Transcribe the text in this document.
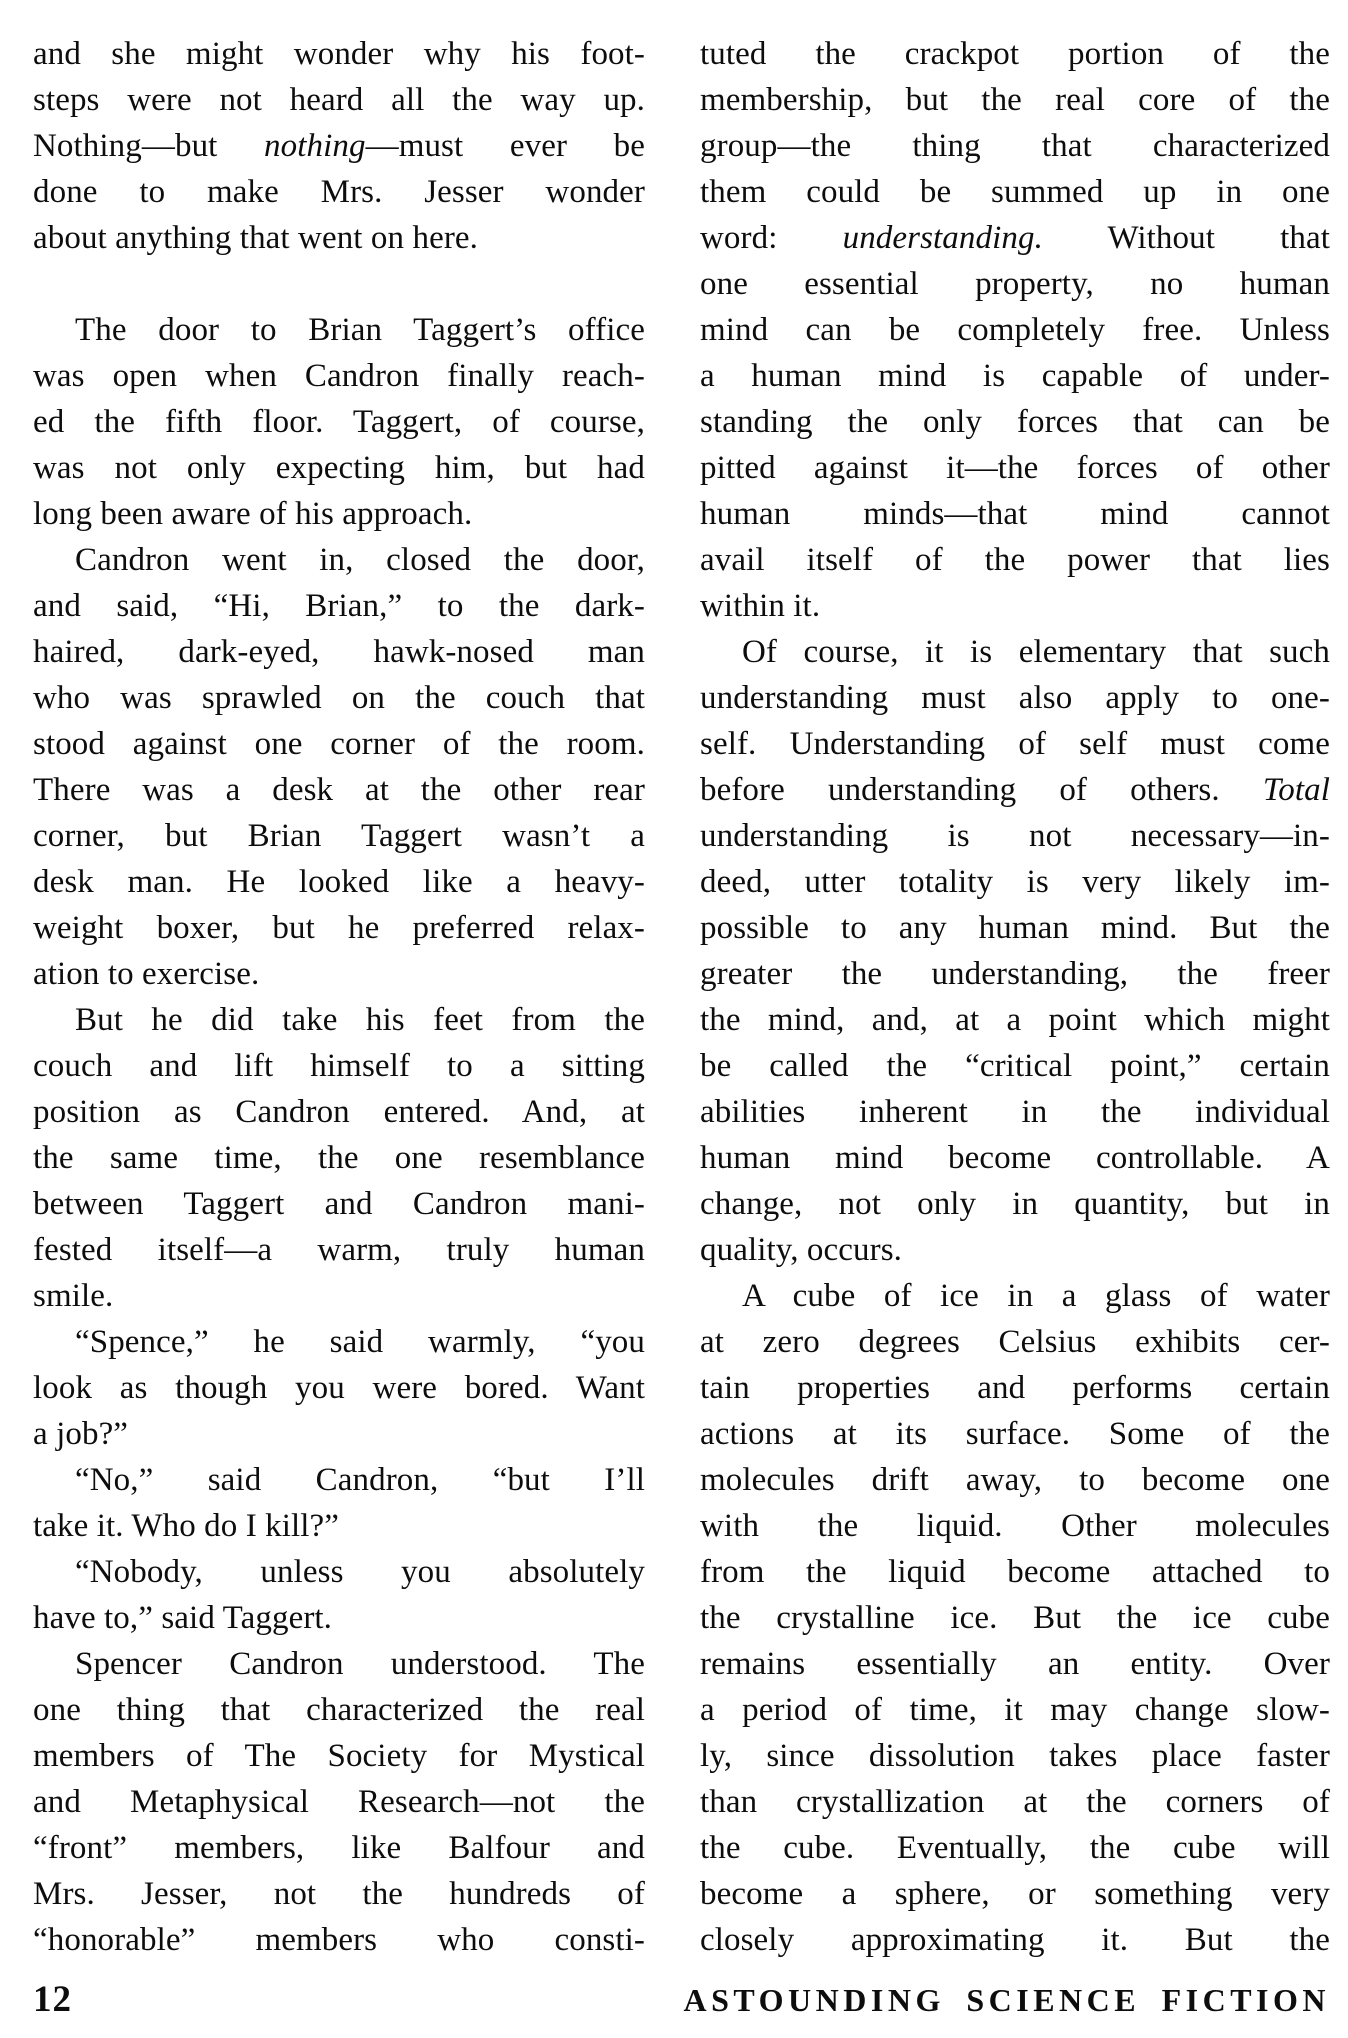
and she might wonder why his foot-
steps were not heard all the way up.
Nothing—but nothing—must ever be
done to make Mrs. Jesser wonder
about anything that went on here.
The door to Brian Taggert’s office
was open when Candron finally reach-
ed the fifth floor. Taggert, of course,
was not only expecting him, but had
long been aware of his approach.
Candron went in, closed the door,
and said, “Hi, Brian,” to the dark-
haired, dark-eyed, hawk-nosed man
who was sprawled on the couch that
stood against one corner of the room.
There was a desk at the other rear
corner, but Brian Taggert wasn’t a
desk man. He looked like a heavy-
weight boxer, but he preferred relax-
ation to exercise.
But he did take his feet from the
couch and lift himself to a sitting
position as Candron entered. And, at
the same time, the one resemblance
between Taggert and Candron mani-
fested itself—a warm, truly human
smile.
“Spence,” he said warmly, “you
look as though you were bored. Want
a job?”
“No,” said Candron, “but I’ll
take it. Who do I kill?”
“Nobody, unless you absolutely
have to,” said Taggert.
Spencer Candron understood. The
one thing that characterized the real
members of The Society for Mystical
and Metaphysical Research—not the
“front” members, like Balfour and
Mrs. Jesser, not the hundreds of
“honorable” members who consti-
tuted the crackpot portion of the
membership, but the real core of the
group—the thing that characterized
them could be summed up in one
word: understanding. Without that
one essential property, no human
mind can be completely free. Unless
a human mind is capable of under-
standing the only forces that can be
pitted against it—the forces of other
human minds—that mind cannot
avail itself of the power that lies
within it.
Of course, it is elementary that such
understanding must also apply to one-
self. Understanding of self must come
before understanding of others. Total
understanding is not necessary—in-
deed, utter totality is very likely im-
possible to any human mind. But the
greater the understanding, the freer
the mind, and, at a point which might
be called the “critical point,” certain
abilities inherent in the individual
human mind become controllable. A
change, not only in quantity, but in
quality, occurs.
A cube of ice in a glass of water
at zero degrees Celsius exhibits cer-
tain properties and performs certain
actions at its surface. Some of the
molecules drift away, to become one
with the liquid. Other molecules
from the liquid become attached to
the crystalline ice. But the ice cube
remains essentially an entity. Over
a period of time, it may change slow-
ly, since dissolution takes place faster
than crystallization at the corners of
the cube. Eventually, the cube will
become a sphere, or something very
closely approximating it. But the
12	ASTOUNDING SCIENCE FICTION
